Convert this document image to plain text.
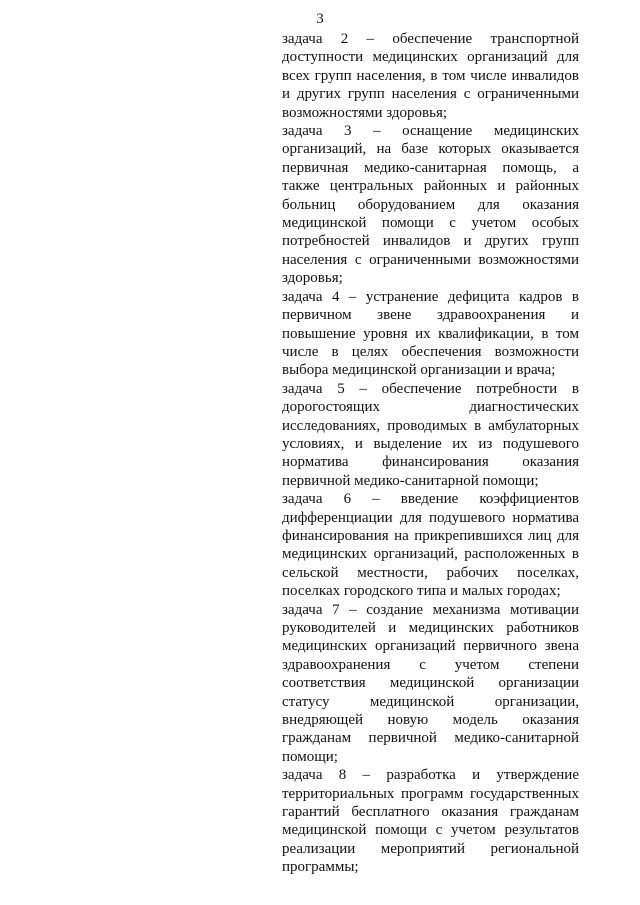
3

задача 2 – обеспечение транспортной доступности медицинских организаций для всех групп населения, в том числе инвалидов и других групп населения с ограниченными возможностями здоровья;

задача 3 – оснащение медицинских организаций, на базе которых оказывается первичная медико-санитарная помощь, а также центральных районных и районных больниц оборудованием для оказания медицинской помощи с учетом особых потребностей инвалидов и других групп населения с ограниченными возможностями здоровья;

задача 4 – устранение дефицита кадров в первичном звене здравоохранения и повышение уровня их квалификации, в том числе в целях обеспечения возможности выбора медицинской организации и врача;

задача 5 – обеспечение потребности в дорогостоящих диагностических исследованиях, проводимых в амбулаторных условиях, и выделение их из подушевого норматива финансирования оказания первичной медико-санитарной помощи;

задача 6 – введение коэффициентов дифференциации для подушевого норматива финансирования на прикрепившихся лиц для медицинских организаций, расположенных в сельской местности, рабочих поселках, поселках городского типа и малых городах;

задача 7 – создание механизма мотивации руководителей и медицинских работников медицинских организаций первичного звена здравоохранения с учетом степени соответствия медицинской организации статусу медицинской организации, внедряющей новую модель оказания гражданам первичной медико-санитарной помощи;

задача 8 – разработка и утверждение территориальных программ государственных гарантий бесплатного оказания гражданам медицинской помощи с учетом результатов реализации мероприятий региональной программы;
